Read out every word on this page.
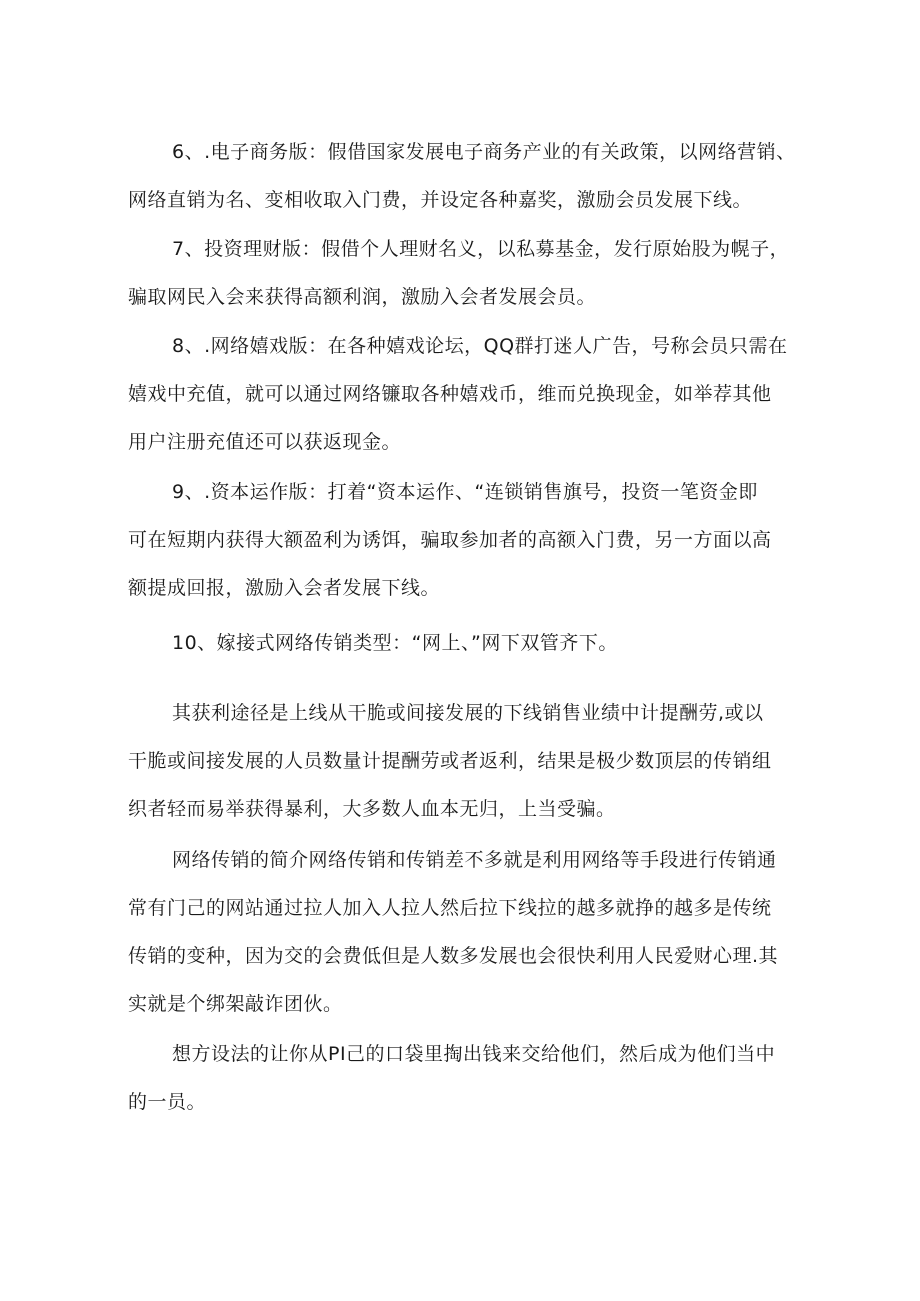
6、.电子商务版：假借国家发展电子商务产业的有关政策，以网络营销、
网络直销为名、变相收取入门费，并设定各种嘉奖，激励会员发展下线。
7、投资理财版：假借个人理财名义，以私募基金，发行原始股为幌子，
骗取网民入会来获得高额利润，激励入会者发展会员。
8、.网络嬉戏版：在各种嬉戏论坛，QQ群打迷人广告，号称会员只需在
嬉戏中充值，就可以通过网络镰取各种嬉戏币，维而兑换现金，如举荐其他
用户注册充值还可以获返现金。
9、.资本运作版：打着“资本运作、“连锁销售旗号，投资一笔资金即
可在短期内获得大额盈利为诱饵，骗取参加者的高额入门费，另一方面以高
额提成回报，激励入会者发展下线。
10、嫁接式网络传销类型：“网上、”网下双管齐下。
其获利途径是上线从干脆或间接发展的下线销售业绩中计提酬劳,或以
干脆或间接发展的人员数量计提酬劳或者返利，结果是极少数顶层的传销组
织者轻而易举获得暴利，大多数人血本无归，上当受骗。
网络传销的简介网络传销和传销差不多就是利用网络等手段进行传销通
常有门己的网站通过拉人加入人拉人然后拉下线拉的越多就挣的越多是传统
传销的变种，因为交的会费低但是人数多发展也会很快利用人民爱财心理.其
实就是个绑架敲诈团伙。
想方设法的让你从PI己的口袋里掏出钱来交给他们，然后成为他们当中
的一员。
